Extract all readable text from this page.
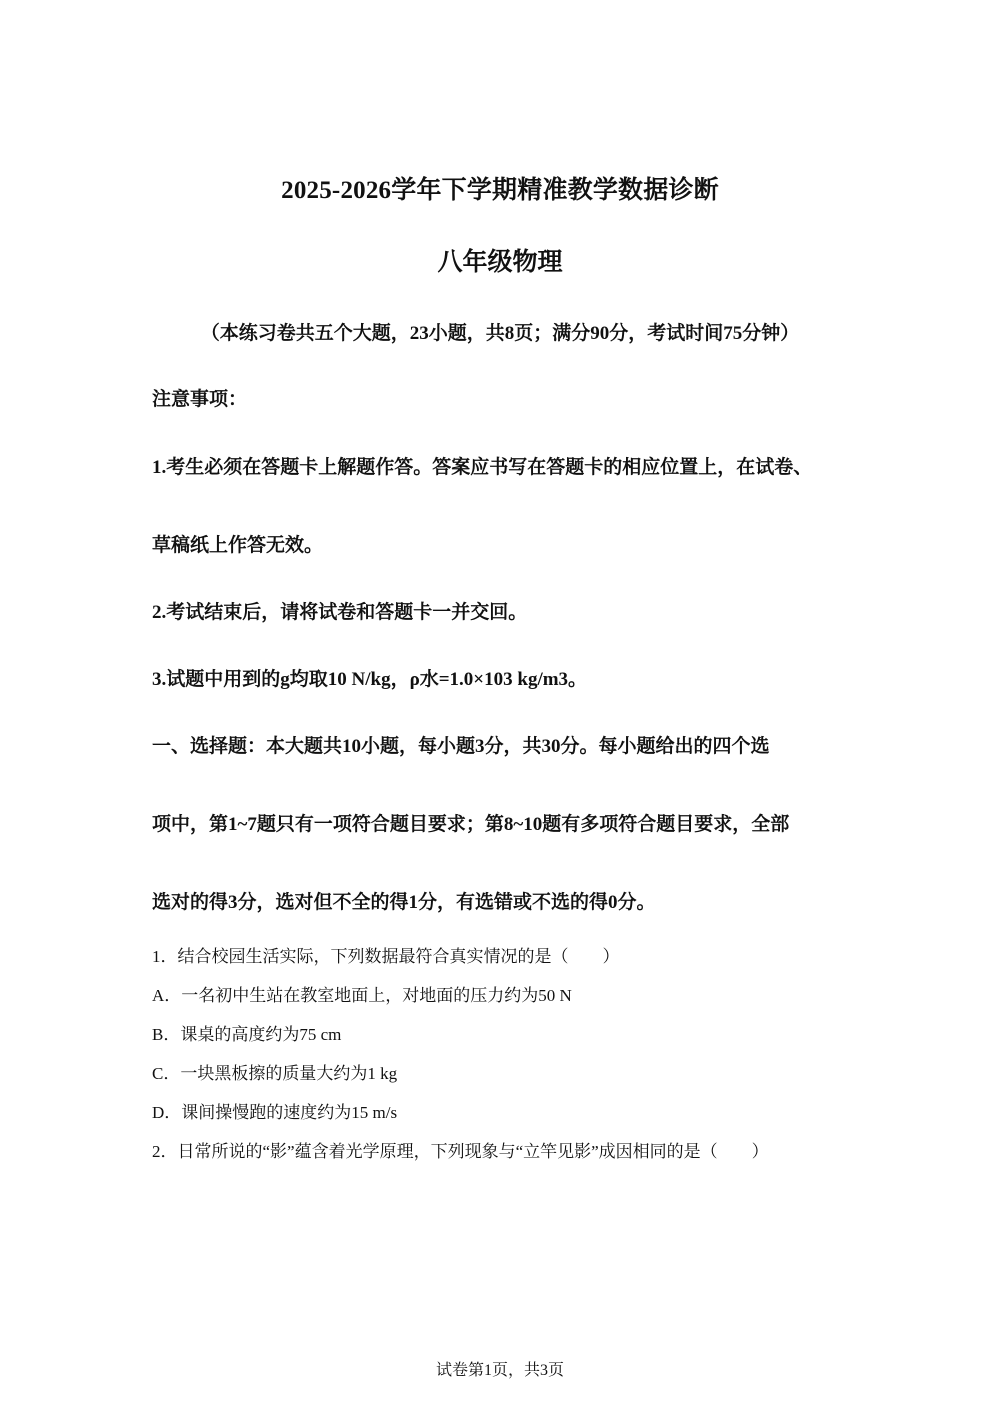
2025-2026学年下学期精准教学数据诊断
八年级物理
（本练习卷共五个大题，23小题，共8页；满分90分，考试时间75分钟）
注意事项：
1.考生必须在答题卡上解题作答。答案应书写在答题卡的相应位置上，在试卷、
草稿纸上作答无效。
2.考试结束后，请将试卷和答题卡一并交回。
3.试题中用到的g均取10 N/kg，ρ水=1.0×103 kg/m3。
一、选择题：本大题共10小题，每小题3分，共30分。每小题给出的四个选
项中，第1~7题只有一项符合题目要求；第8~10题有多项符合题目要求，全部
选对的得3分，选对但不全的得1分，有选错或不选的得0分。
1．结合校园生活实际，下列数据最符合真实情况的是（　　）
A．一名初中生站在教室地面上，对地面的压力约为50 N
B．课桌的高度约为75 cm
C．一块黑板擦的质量大约为1 kg
D．课间操慢跑的速度约为15 m/s
2．日常所说的“影”蕴含着光学原理，下列现象与“立竿见影”成因相同的是（　　）
试卷第1页，共3页
